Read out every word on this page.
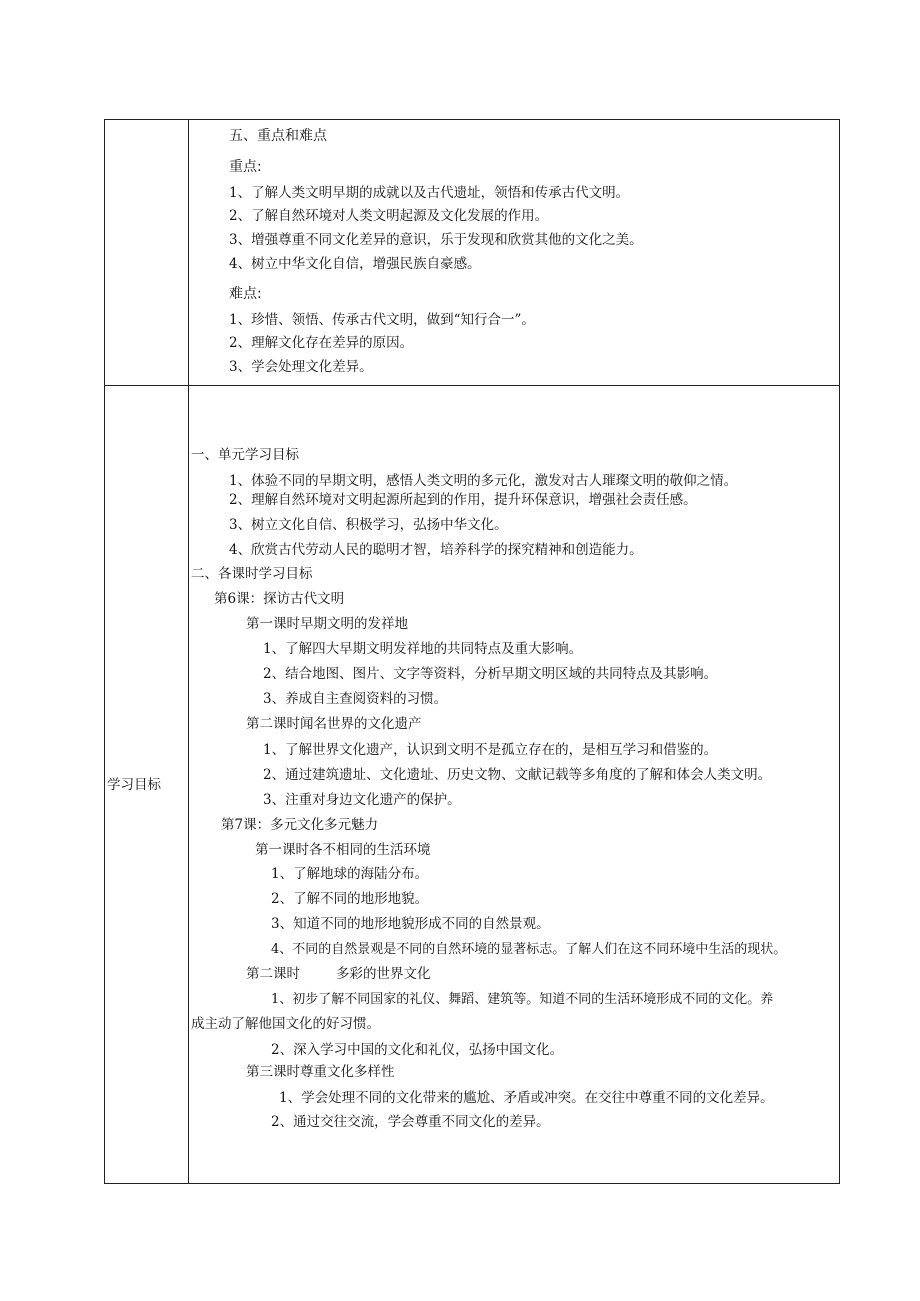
五、重点和难点
重点:
1、了解人类文明早期的成就以及古代遗址，领悟和传承古代文明。
2、了解自然环境对人类文明起源及文化发展的作用。
3、增强尊重不同文化差异的意识，乐于发现和欣赏其他的文化之美。
4、树立中华文化自信，增强民族自豪感。
难点:
1、珍惜、领悟、传承古代文明，做到“知行合一”。
2、理解文化存在差异的原因。
3、学会处理文化差异。
学习目标
一、单元学习目标
1、体验不同的早期文明，感悟人类文明的多元化，激发对古人璀璨文明的敬仰之情。
2、理解自然环境对文明起源所起到的作用，提升环保意识，增强社会责任感。
3、树立文化自信、积极学习，弘扬中华文化。
4、欣赏古代劳动人民的聪明才智，培养科学的探究精神和创造能力。
二、各课时学习目标
第6课：探访古代文明
第一课时早期文明的发祥地
1、了解四大早期文明发祥地的共同特点及重大影响。
2、结合地图、图片、文字等资料，分析早期文明区域的共同特点及其影响。
3、养成自主查阅资料的习惯。
第二课时闻名世界的文化遗产
1、了解世界文化遗产，认识到文明不是孤立存在的，是相互学习和借鉴的。
2、通过建筑遗址、文化遗址、历史文物、文献记载等多角度的了解和体会人类文明。
3、注重对身边文化遗产的保护。
第7课：多元文化多元魅力
第一课时各不相同的生活环境
1、了解地球的海陆分布。
2、了解不同的地形地貌。
3、知道不同的地形地貌形成不同的自然景观。
4、不同的自然景观是不同的自然环境的显著标志。了解人们在这不同环境中生活的现状。
第二课时	多彩的世界文化
1、初步了解不同国家的礼仪、舞蹈、建筑等。知道不同的生活环境形成不同的文化。养
成主动了解他国文化的好习惯。
2、深入学习中国的文化和礼仪，弘扬中国文化。
第三课时尊重文化多样性
1、学会处理不同的文化带来的尴尬、矛盾或冲突。在交往中尊重不同的文化差异。
2、通过交往交流，学会尊重不同文化的差异。
